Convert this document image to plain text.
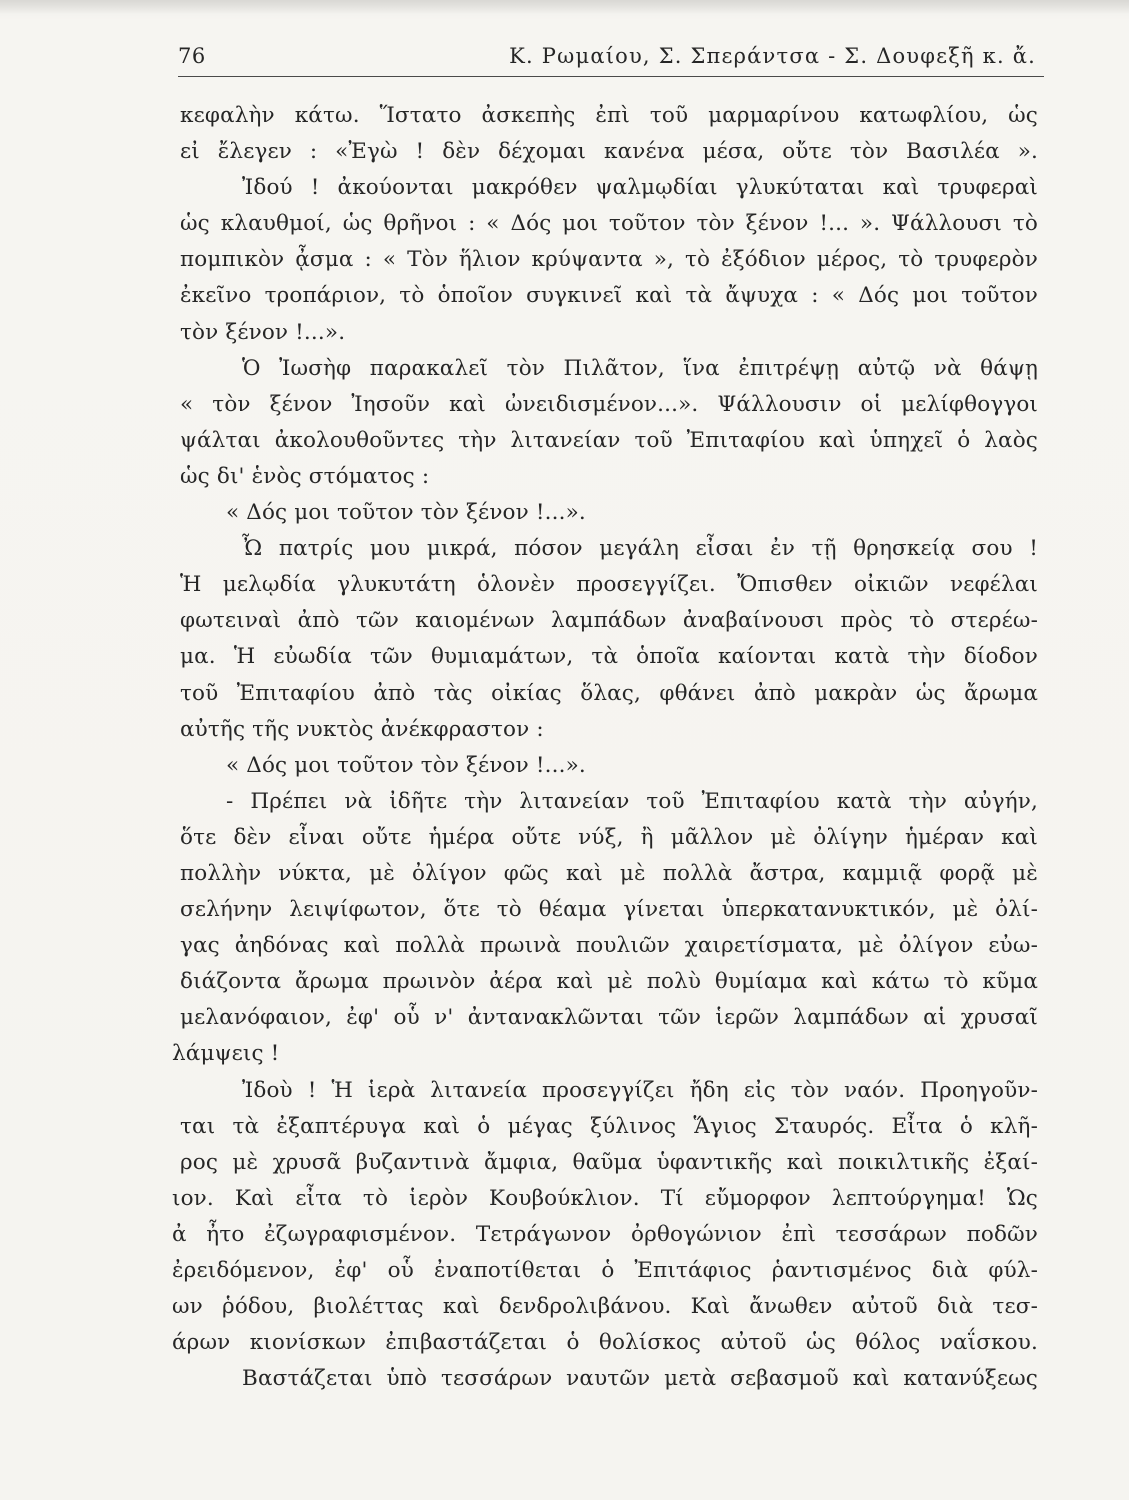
76	Κ. Ρωμαίου, Σ. Σπεράντσα - Σ. Δουφεξῆ κ. ἄ.
κεφαλὴν κάτω. Ἵστατο ἀσκεπὴς ἐπὶ τοῦ μαρμαρίνου κατωφλίου, ὡς
εἰ ἔλεγεν : «Ἐγὼ ! δὲν δέχομαι κανένα μέσα, οὔτε τὸν Βασιλέα ».
Ἰδού ! ἀκούονται μακρόθεν ψαλμῳδίαι γλυκύταται καὶ τρυφεραὶ
ὡς κλαυθμοί, ὡς θρῆνοι : « Δός μοι τοῦτον τὸν ξένον !... ». Ψάλλουσι τὸ
πομπικὸν ᾆσμα : « Τὸν ἥλιον κρύψαντα », τὸ ἐξόδιον μέρος, τὸ τρυφερὸν
ἐκεῖνο τροπάριον, τὸ ὁποῖον συγκινεῖ καὶ τὰ ἄψυχα : « Δός μοι τοῦτον
τὸν ξένον !...».
Ὁ Ἰωσὴφ παρακαλεῖ τὸν Πιλᾶτον, ἵνα ἐπιτρέψῃ αὐτῷ νὰ θάψῃ
« τὸν ξένον Ἰησοῦν καὶ ὠνειδισμένον...». Ψάλλουσιν οἱ μελίφθογγοι
ψάλται ἀκολουθοῦντες τὴν λιτανείαν τοῦ Ἐπιταφίου καὶ ὑπηχεῖ ὁ λαὸς
ὡς δι' ἑνὸς στόματος :
« Δός μοι τοῦτον τὸν ξένον !...».
Ὦ πατρίς μου μικρά, πόσον μεγάλη εἶσαι ἐν τῇ θρησκείᾳ σου !
Ἡ μελῳδία γλυκυτάτη ὁλονὲν προσεγγίζει. Ὄπισθεν οἰκιῶν νεφέλαι
φωτειναὶ ἀπὸ τῶν καιομένων λαμπάδων ἀναβαίνουσι πρὸς τὸ στερέω-
μα. Ἡ εὐωδία τῶν θυμιαμάτων, τὰ ὁποῖα καίονται κατὰ τὴν δίοδον
τοῦ Ἐπιταφίου ἀπὸ τὰς οἰκίας ὅλας, φθάνει ἀπὸ μακρὰν ὡς ἄρωμα
αὐτῆς τῆς νυκτὸς ἀνέκφραστον :
« Δός μοι τοῦτον τὸν ξένον !...».
- Πρέπει νὰ ἰδῆτε τὴν λιτανείαν τοῦ Ἐπιταφίου κατὰ τὴν αὐγήν,
ὅτε δὲν εἶναι οὔτε ἡμέρα οὔτε νύξ, ἢ μᾶλλον μὲ ὀλίγην ἡμέραν καὶ
πολλὴν νύκτα, μὲ ὀλίγον φῶς καὶ μὲ πολλὰ ἄστρα, καμμιᾷ φορᾷ μὲ
σελήνην λειψίφωτον, ὅτε τὸ θέαμα γίνεται ὑπερκατανυκτικόν, μὲ ὀλί-
γας ἀηδόνας καὶ πολλὰ πρωινὰ πουλιῶν χαιρετίσματα, μὲ ὀλίγον εὐω-
διάζοντα ἄρωμα πρωινὸν ἀέρα καὶ μὲ πολὺ θυμίαμα καὶ κάτω τὸ κῦμα
μελανόφαιον, ἐφ' οὗ ν' ἀντανακλῶνται τῶν ἱερῶν λαμπάδων αἱ χρυσαῖ
λάμψεις !
Ἰδοὺ ! Ἡ ἱερὰ λιτανεία προσεγγίζει ἤδη εἰς τὸν ναόν. Προηγοῦν-
ται τὰ ἐξαπτέρυγα καὶ ὁ μέγας ξύλινος Ἅγιος Σταυρός. Εἶτα ὁ κλῆ-
ρος μὲ χρυσᾶ βυζαντινὰ ἄμφια, θαῦμα ὑφαντικῆς καὶ ποικιλτικῆς ἐξαί-
ιον. Καὶ εἶτα τὸ ἱερὸν Κουβούκλιον. Τί εὔμορφον λεπτούργημα! Ὡς
ἀ ἦτο ἐζωγραφισμένον. Τετράγωνον ὀρθογώνιον ἐπὶ τεσσάρων ποδῶν
ἐρειδόμενον, ἐφ' οὗ ἐναποτίθεται ὁ Ἐπιτάφιος ῥαντισμένος διὰ φύλ-
ων ῥόδου, βιολέττας καὶ δενδρολιβάνου. Καὶ ἄνωθεν αὐτοῦ διὰ τεσ-
άρων κιονίσκων ἐπιβαστάζεται ὁ θολίσκος αὐτοῦ ὡς θόλος ναΐσκου.
Βαστάζεται ὑπὸ τεσσάρων ναυτῶν μετὰ σεβασμοῦ καὶ κατανύξεως
